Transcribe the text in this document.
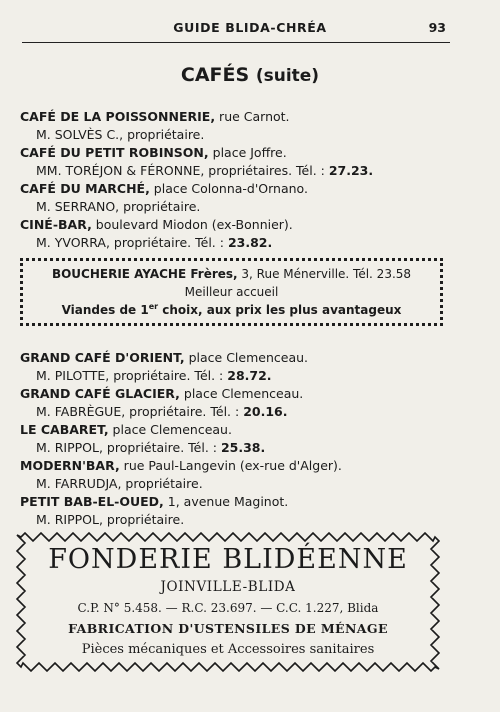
GUIDE BLIDA-CHRÉA	93
CAFÉS (suite)
CAFÉ DE LA POISSONNERIE, rue Carnot.
M. SOLVÈS C., propriétaire.
CAFÉ DU PETIT ROBINSON, place Joffre.
MM. TORÉJON & FÉRONNE, propriétaires. Tél. : 27.23.
CAFÉ DU MARCHÉ, place Colonna-d'Ornano.
M. SERRANO, propriétaire.
CINÉ-BAR, boulevard Miodon (ex-Bonnier).
M. YVORRA, propriétaire. Tél. : 23.82.
BOUCHERIE AYACHE Frères, 3, Rue Ménerville. Tél. 23.58
Meilleur accueil
Viandes de 1er choix, aux prix les plus avantageux
GRAND CAFÉ D'ORIENT, place Clemenceau.
M. PILOTTE, propriétaire. Tél. : 28.72.
GRAND CAFÉ GLACIER, place Clemenceau.
M. FABRÈGUE, propriétaire. Tél. : 20.16.
LE CABARET, place Clemenceau.
M. RIPPOL, propriétaire. Tél. : 25.38.
MODERN'BAR, rue Paul-Langevin (ex-rue d'Alger).
M. FARRUDJA, propriétaire.
PETIT BAB-EL-OUED, 1, avenue Maginot.
M. RIPPOL, propriétaire.
FONDERIE BLIDÉENNE
JOINVILLE-BLIDA
C.P. N° 5.458. — R.C. 23.697. — C.C. 1.227, Blida
FABRICATION D'USTENSILES DE MÉNAGE
Pièces mécaniques et Accessoires sanitaires
